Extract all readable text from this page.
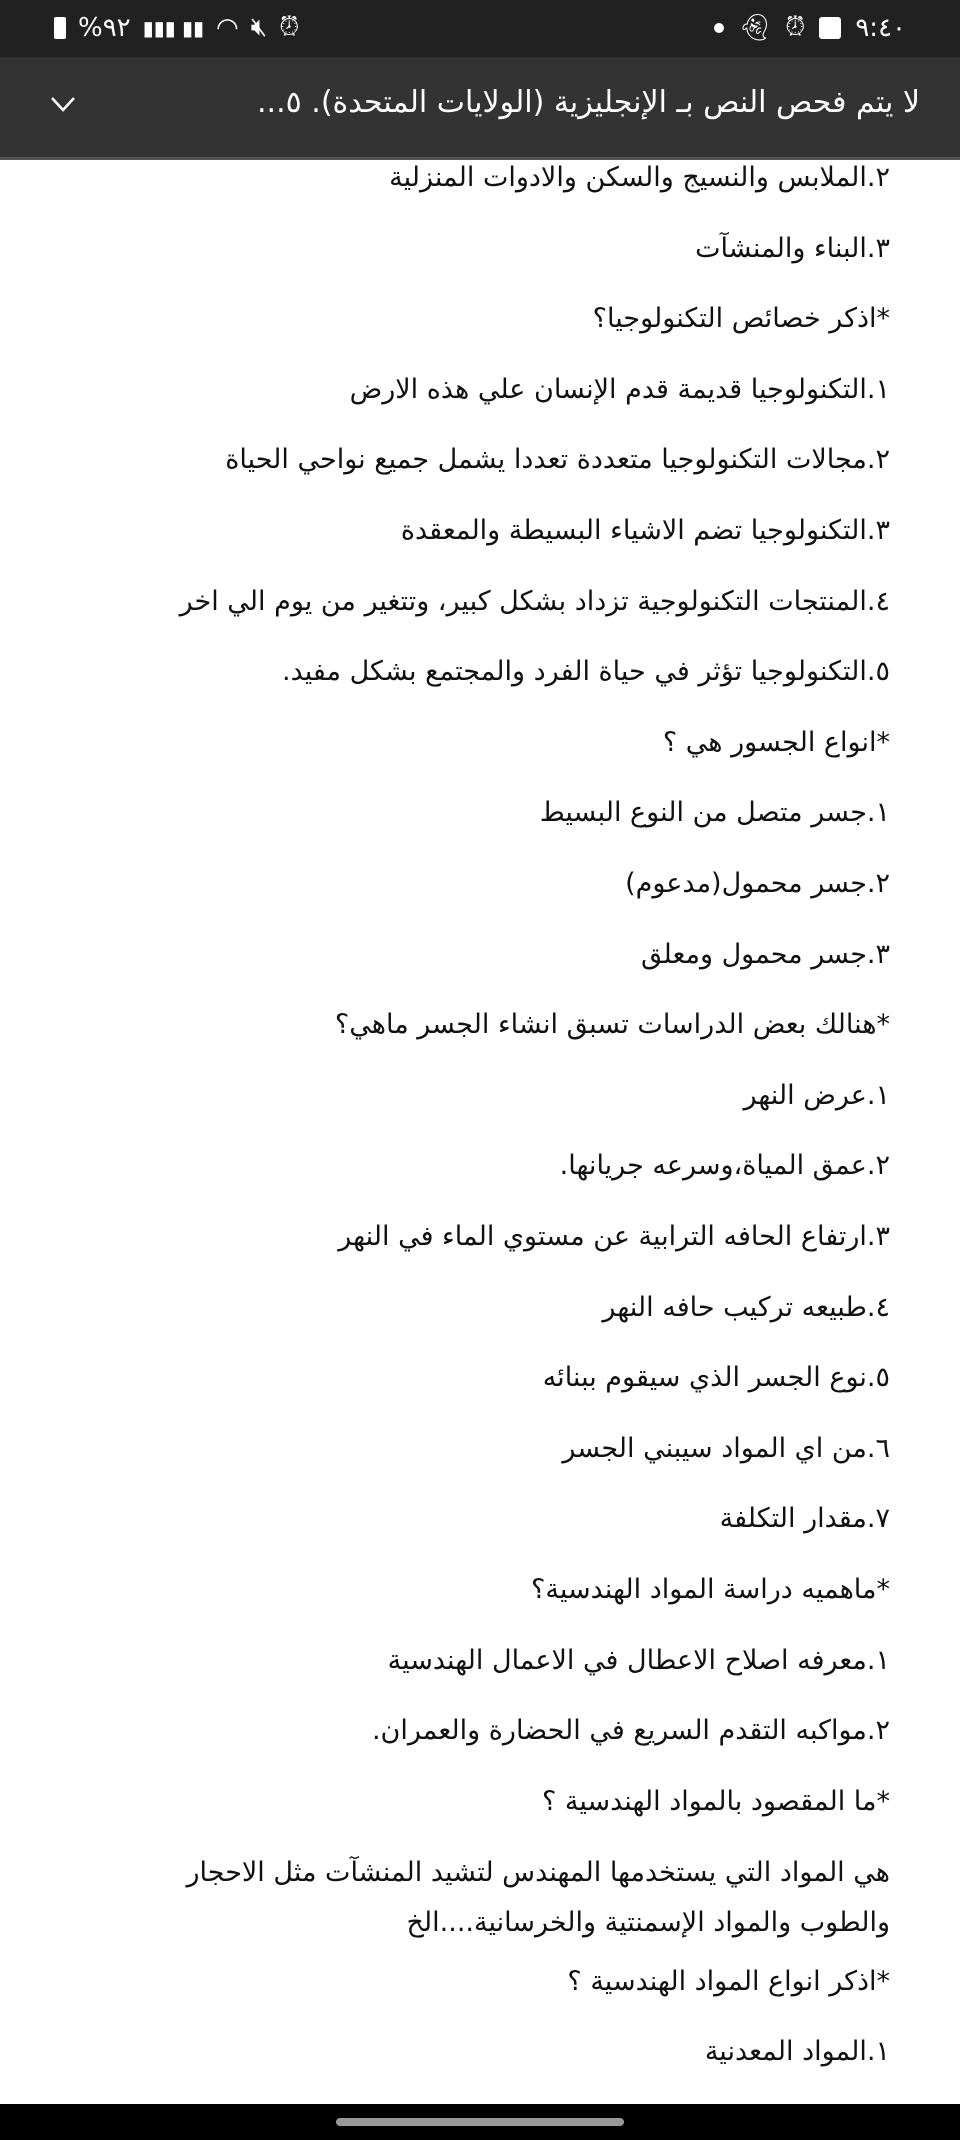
%٩٢ ▮▮▮ ▮▮ ◠ 🔇︎ ⏰︎	👻︎ ⏰︎ ٩:٤٠
لا يتم فحص النص بـ الإنجليزية (الولايات المتحدة). ٥...
٢.الملابس والنسيج والسكن والادوات المنزلية
٣.البناء والمنشآت
*اذكر خصائص التكنولوجيا؟
١.التكنولوجيا قديمة قدم الإنسان علي هذه الارض
٢.مجالات التكنولوجيا متعددة تعددا يشمل جميع نواحي الحياة
٣.التكنولوجيا تضم الاشياء البسيطة والمعقدة
٤.المنتجات التكنولوجية تزداد بشكل كبير، وتتغير من يوم الي اخر
٥.التكنولوجيا تؤثر في حياة الفرد والمجتمع بشكل مفيد.
*انواع الجسور هي ؟
١.جسر متصل من النوع البسيط
٢.جسر محمول(مدعوم)
٣.جسر محمول ومعلق
*هنالك بعض الدراسات تسبق انشاء الجسر ماهي؟
١.عرض النهر
٢.عمق المياة،وسرعه جريانها.
٣.ارتفاع الحافه الترابية عن مستوي الماء في النهر
٤.طبيعه تركيب حافه النهر
٥.نوع الجسر الذي سيقوم ببنائه
٦.من اي المواد سيبني الجسر
٧.مقدار التكلفة
*ماهميه دراسة المواد الهندسية؟
١.معرفه اصلاح الاعطال في الاعمال الهندسية
٢.مواكبه التقدم السريع في الحضارة والعمران.
*ما المقصود بالمواد الهندسية ؟
هي المواد التي يستخدمها المهندس لتشيد المنشآت مثل الاحجار والطوب والمواد الإسمنتية والخرسانية....الخ
*اذكر انواع المواد الهندسية ؟
١.المواد المعدنية
